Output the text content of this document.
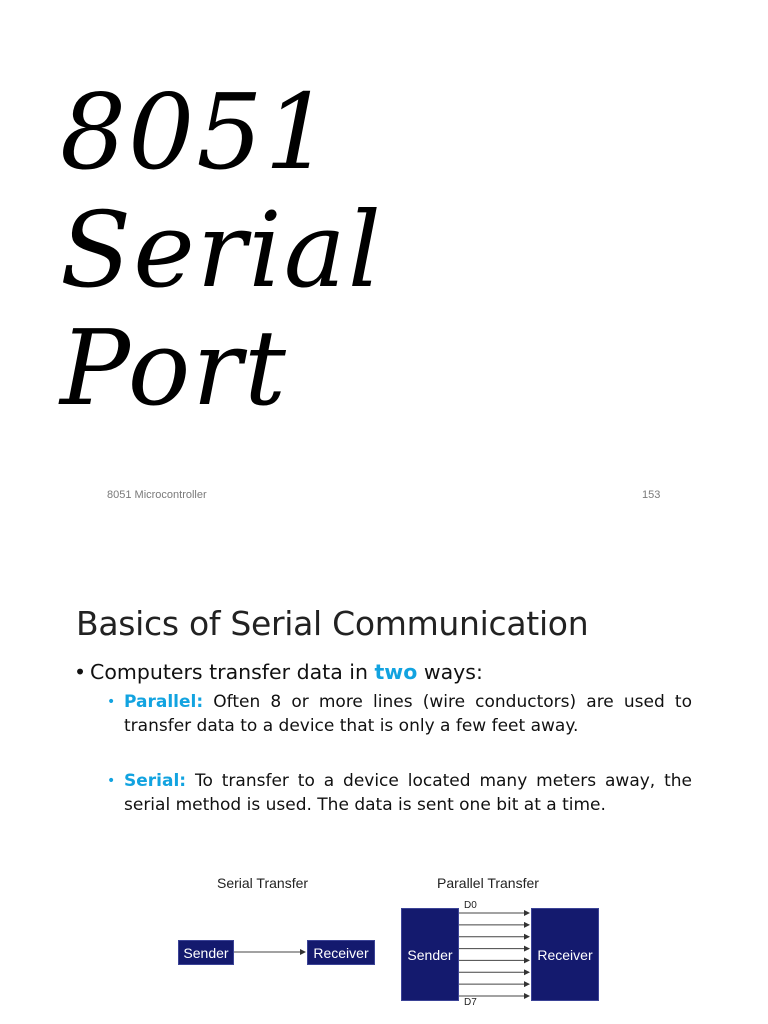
8051
Serial
Port
8051 Microcontroller	153
Basics of Serial Communication
• Computers transfer data in two ways:
• Parallel: Often 8 or more lines (wire conductors) are used to transfer data to a device that is only a few feet away.
• Serial: To transfer to a device located many meters away, the serial method is used. The data is sent one bit at a time.
Serial Transfer	Parallel Transfer
Sender	Receiver	Sender	Receiver
D0
D7
